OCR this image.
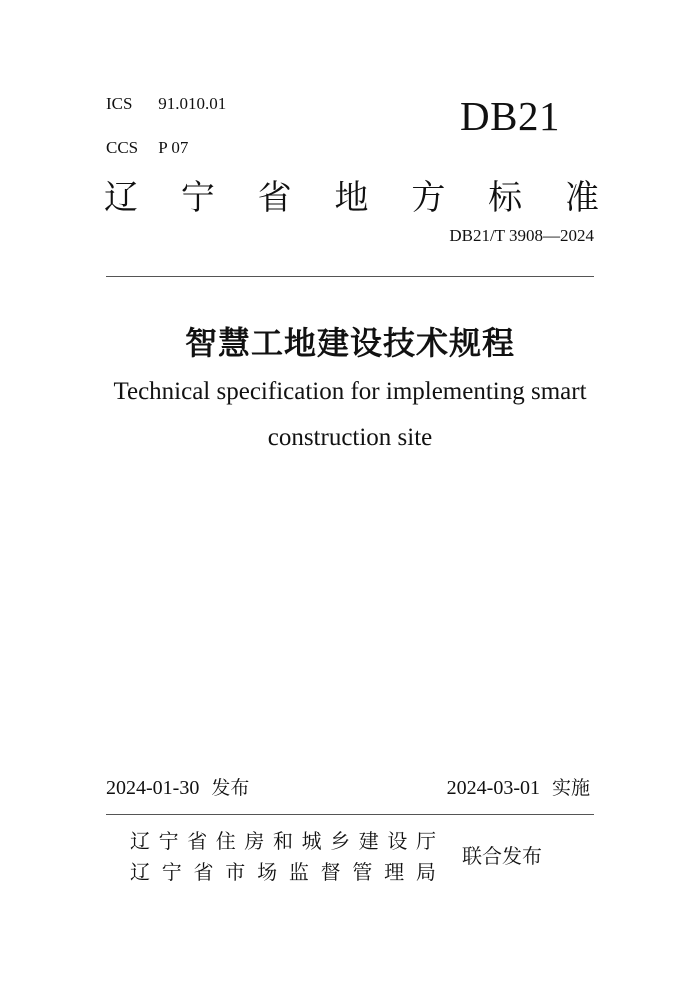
ICS 91.010.01
CCS P 07
DB21
辽 宁 省 地 方 标 准
DB21/T 3908—2024
智慧工地建设技术规程
Technical specification for implementing smart
construction site
2024-01-30 发布	2024-03-01 实施
辽 宁 省 住 房 和 城 乡 建 设 厅
辽 宁 省 市 场 监 督 管 理 局
联合发布
